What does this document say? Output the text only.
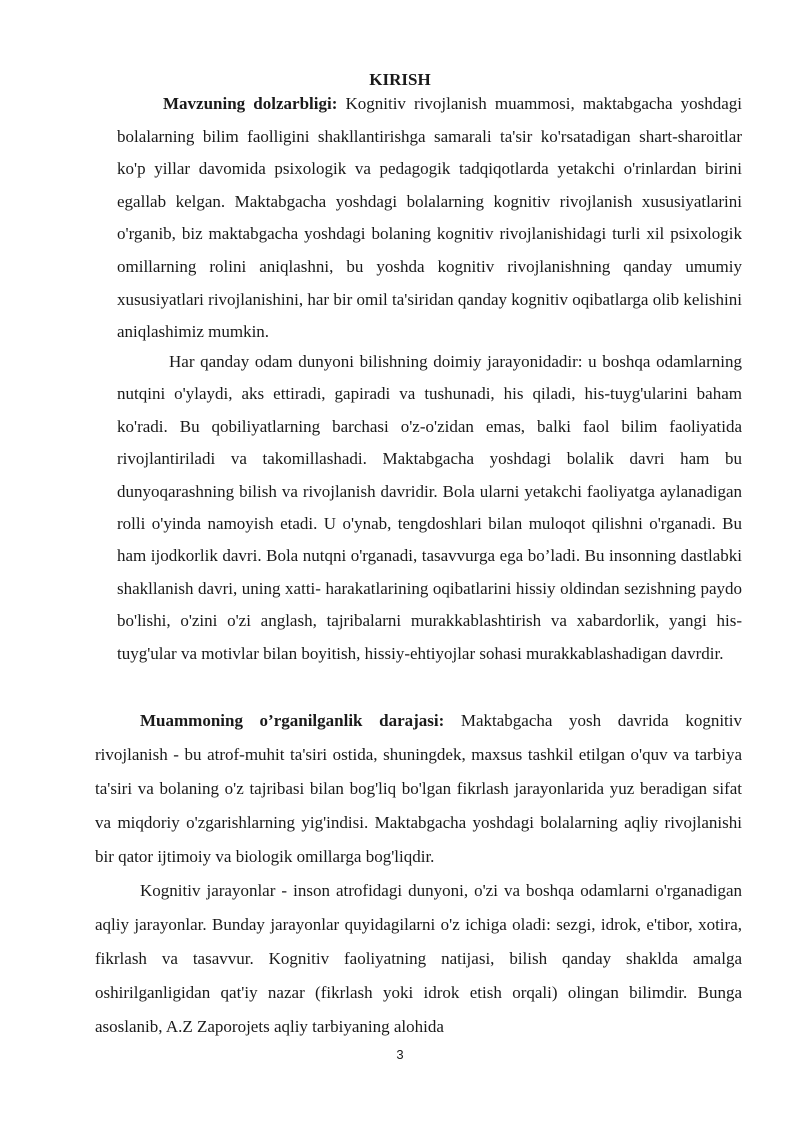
KIRISH

Mavzuning dolzarbligi: Kognitiv rivojlanish muammosi, maktabgacha yoshdagi bolalarning bilim faolligini shakllantirishga samarali ta'sir ko'rsatadigan shart-sharoitlar ko'p yillar davomida psixologik va pedagogik tadqiqotlarda yetakchi o'rinlardan birini egallab kelgan. Maktabgacha yoshdagi bolalarning kognitiv rivojlanish xususiyatlarini o'rganib, biz maktabgacha yoshdagi bolaning kognitiv rivojlanishidagi turli xil psixologik omillarning rolini aniqlashni, bu yoshda kognitiv rivojlanishning qanday umumiy xususiyatlari rivojlanishini, har bir omil ta'siridan qanday kognitiv oqibatlarga olib kelishini aniqlashimiz mumkin.

Har qanday odam dunyoni bilishning doimiy jarayonidadir: u boshqa odamlarning nutqini o'ylaydi, aks ettiradi, gapiradi va tushunadi, his qiladi, his-tuyg'ularini baham ko'radi. Bu qobiliyatlarning barchasi o'z-o'zidan emas, balki faol bilim faoliyatida rivojlantiriladi va takomillashadi. Maktabgacha yoshdagi bolalik davri ham bu dunyoqarashning bilish va rivojlanish davridir. Bola ularni yetakchi faoliyatga aylanadigan rolli o'yinda namoyish etadi. U o'ynab, tengdoshlari bilan muloqot qilishni o'rganadi. Bu ham ijodkorlik davri. Bola nutqni o'rganadi, tasavvurga ega bo’ladi. Bu insonning dastlabki shakllanish davri, uning xatti- harakatlarining oqibatlarini hissiy oldindan sezishning paydo bo'lishi, o'zini o'zi anglash, tajribalarni murakkablashtirish va xabardorlik, yangi his-tuyg'ular va motivlar bilan boyitish, hissiy-ehtiyojlar sohasi murakkablashadigan davrdir.

Muammoning o’rganilganlik darajasi: Maktabgacha yosh davrida kognitiv rivojlanish - bu atrof-muhit ta'siri ostida, shuningdek, maxsus tashkil etilgan o'quv va tarbiya ta'siri va bolaning o'z tajribasi bilan bog'liq bo'lgan fikrlash jarayonlarida yuz beradigan sifat va miqdoriy o'zgarishlarning yig'indisi. Maktabgacha yoshdagi bolalarning aqliy rivojlanishi bir qator ijtimoiy va biologik omillarga bog'liqdir.

Kognitiv jarayonlar - inson atrofidagi dunyoni, o'zi va boshqa odamlarni o'rganadigan aqliy jarayonlar. Bunday jarayonlar quyidagilarni o'z ichiga oladi: sezgi, idrok, e'tibor, xotira, fikrlash va tasavvur. Kognitiv faoliyatning natijasi, bilish qanday shaklda amalga oshirilganligidan qat'iy nazar (fikrlash yoki idrok etish orqali) olingan bilimdir. Bunga asoslanib, A.Z Zaporojets aqliy tarbiyaning alohida

3
